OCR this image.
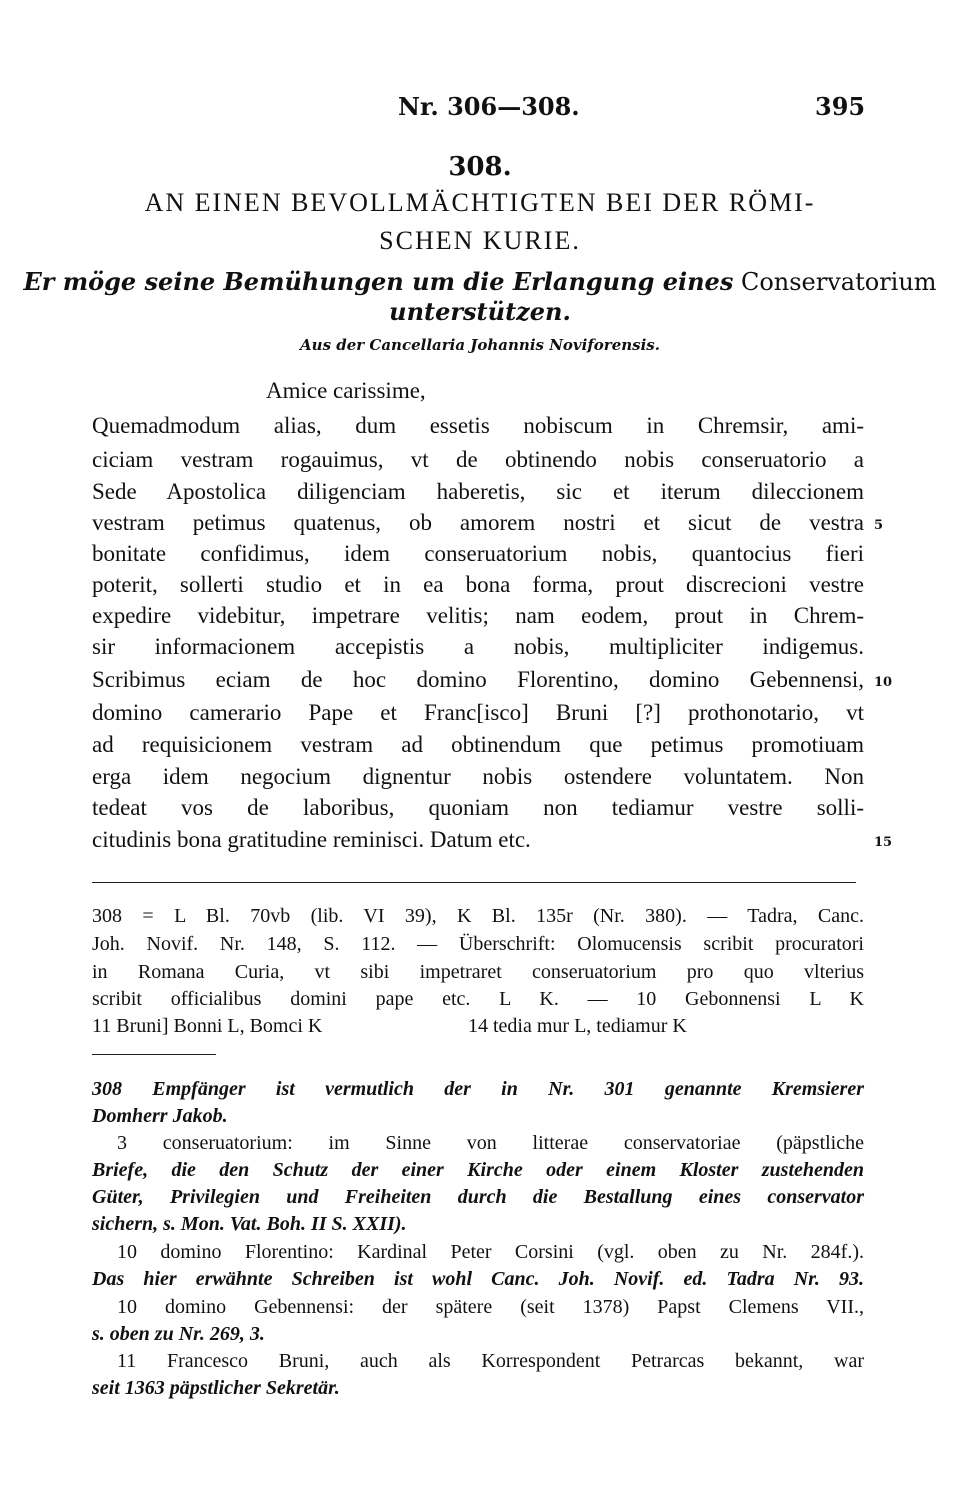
Nr. 306—308.	395
308.
AN EINEN BEVOLLMÄCHTIGTEN BEI DER RÖMI-
SCHEN KURIE.
Er möge seine Bemühungen um die Erlangung eines Conservatorium
unterstützen.
Aus der Cancellaria Johannis Noviforensis.
Amice carissime,
Quemadmodum alias, dum essetis nobiscum in Chremsir, ami-
ciciam vestram rogauimus, vt de obtinendo nobis conseruatorio a
Sede Apostolica diligenciam haberetis, sic et iterum dileccionem
vestram petimus quatenus, ob amorem nostri et sicut de vestra
bonitate confidimus, idem conseruatorium nobis, quantocius fieri
poterit, sollerti studio et in ea bona forma, prout discrecioni vestre
expedire videbitur, impetrare velitis; nam eodem, prout in Chrem-
sir informacionem accepistis a nobis, multipliciter indigemus.
Scribimus eciam de hoc domino Florentino, domino Gebennensi,
domino camerario Pape et Franc[isco] Bruni [?] prothonotario, vt
ad requisicionem vestram ad obtinendum que petimus promotiuam
erga idem negocium dignentur nobis ostendere voluntatem. Non
tedeat vos de laboribus, quoniam non tediamur vestre solli-
citudinis bona gratitudine reminisci. Datum etc.
5
10
15
308 = L Bl. 70vb (lib. VI 39), K Bl. 135r (Nr. 380). — Tadra, Canc.
Joh. Novif. Nr. 148, S. 112. — Überschrift: Olomucensis scribit procuratori
in Romana Curia, vt sibi impetraret conseruatorium pro quo vlterius
scribit officialibus domini pape etc. L K. — 10 Gebonnensi L K
11 Bruni] Bonni L, Bomci K	14 tedia mur L, tediamur K
308 Empfänger ist vermutlich der in Nr. 301 genannte Kremsierer
Domherr Jakob.
3 conseruatorium: im Sinne von litterae conservatoriae (päpstliche
Briefe, die den Schutz der einer Kirche oder einem Kloster zustehenden
Güter, Privilegien und Freiheiten durch die Bestallung eines conservator
sichern, s. Mon. Vat. Boh. II S. XXII).
10 domino Florentino: Kardinal Peter Corsini (vgl. oben zu Nr. 284f.).
Das hier erwähnte Schreiben ist wohl Canc. Joh. Novif. ed. Tadra Nr. 93.
10 domino Gebennensi: der spätere (seit 1378) Papst Clemens VII.,
s. oben zu Nr. 269, 3.
11 Francesco Bruni, auch als Korrespondent Petrarcas bekannt, war
seit 1363 päpstlicher Sekretär.
